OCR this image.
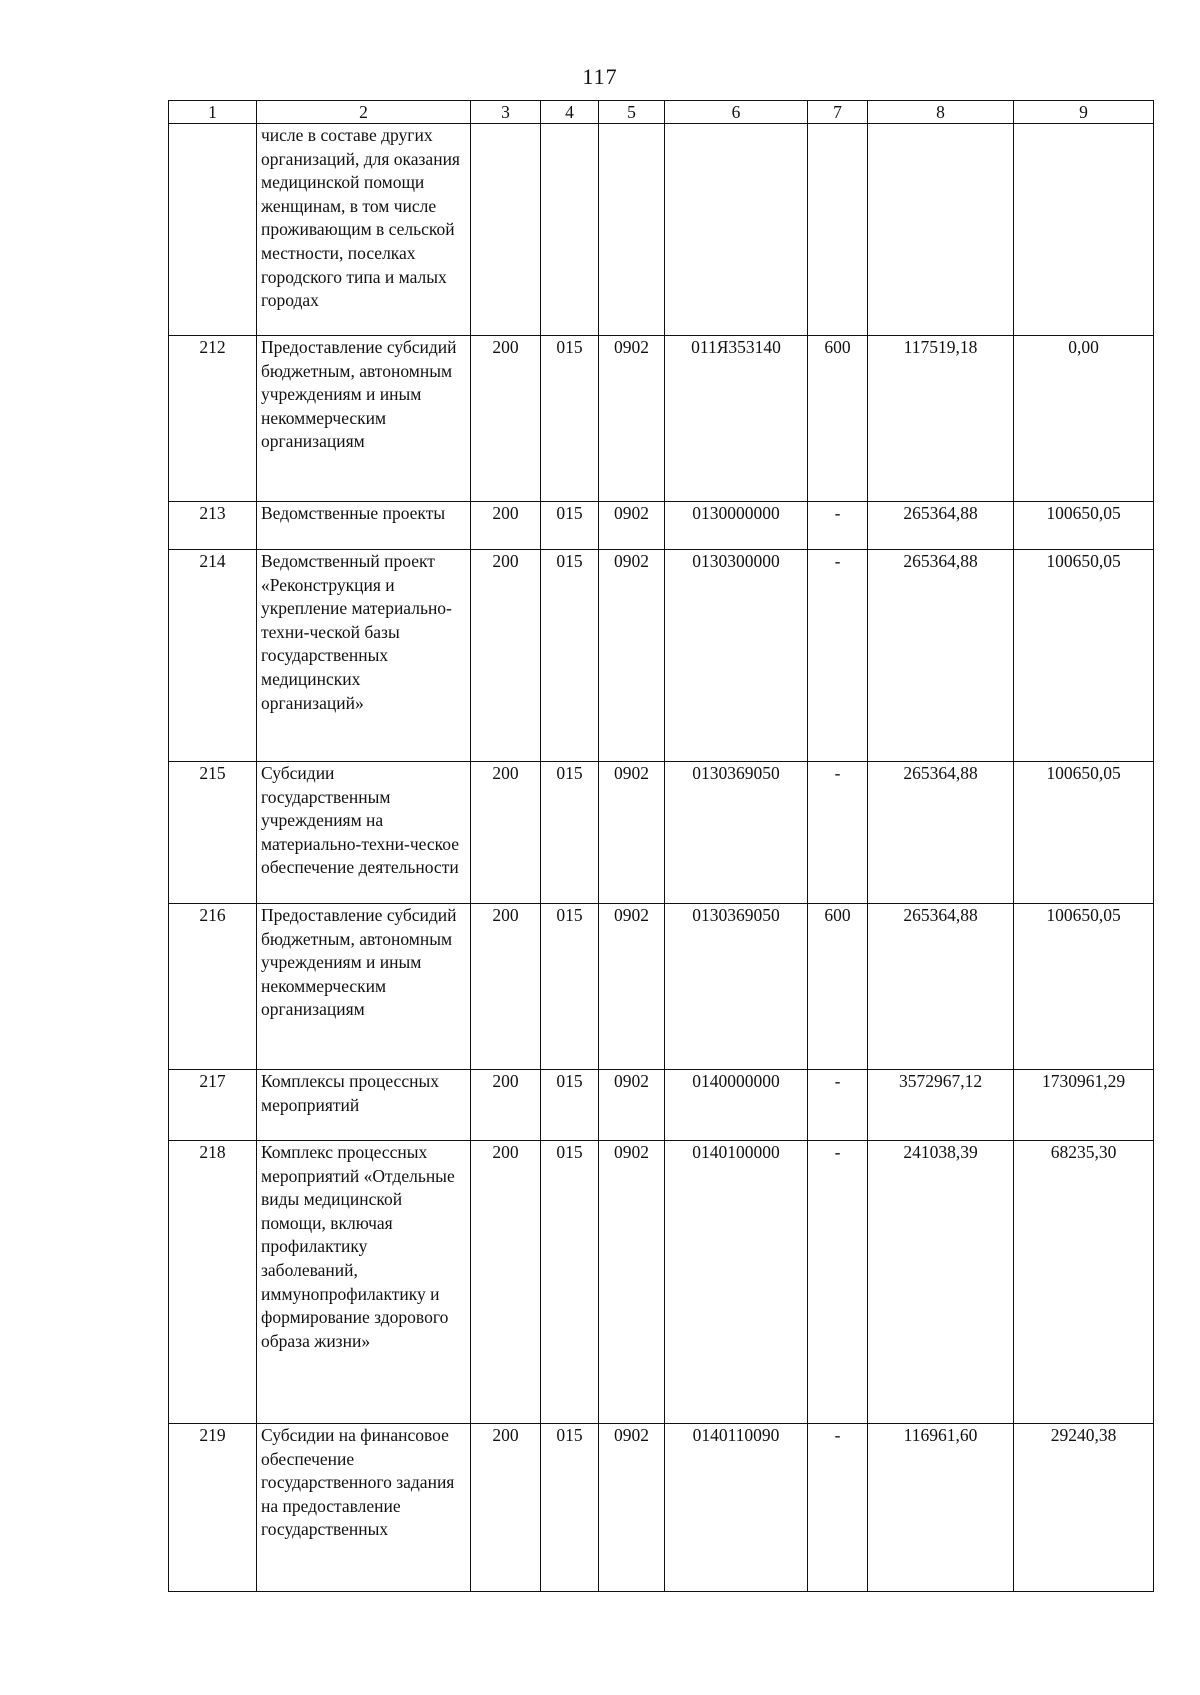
117
1	2	3	4	5	6	7	8	9
	числе в составе других организаций, для оказания медицинской помощи женщинам, в том числе проживающим в сельской местности, поселках городского типа и малых городах							
212	Предоставление субсидий бюджетным, автономным учреждениям и иным некоммерческим организациям	200	015	0902	011Я353140	600	117519,18	0,00
213	Ведомственные проекты	200	015	0902	0130000000	-	265364,88	100650,05
214	Ведомственный проект «Реконструкция и укрепление материально-техни-ческой базы государственных медицинских организаций»	200	015	0902	0130300000	-	265364,88	100650,05
215	Субсидии государственным учреждениям на материально-техни-ческое обеспечение деятельности	200	015	0902	0130369050	-	265364,88	100650,05
216	Предоставление субсидий бюджетным, автономным учреждениям и иным некоммерческим организациям	200	015	0902	0130369050	600	265364,88	100650,05
217	Комплексы процессных мероприятий	200	015	0902	0140000000	-	3572967,12	1730961,29
218	Комплекс процессных мероприятий «Отдельные виды медицинской помощи, включая профилактику заболеваний, иммунопрофилактику и формирование здорового образа жизни»	200	015	0902	0140100000	-	241038,39	68235,30
219	Субсидии на финансовое обеспечение государственного задания на предоставление государственных	200	015	0902	0140110090	-	116961,60	29240,38
